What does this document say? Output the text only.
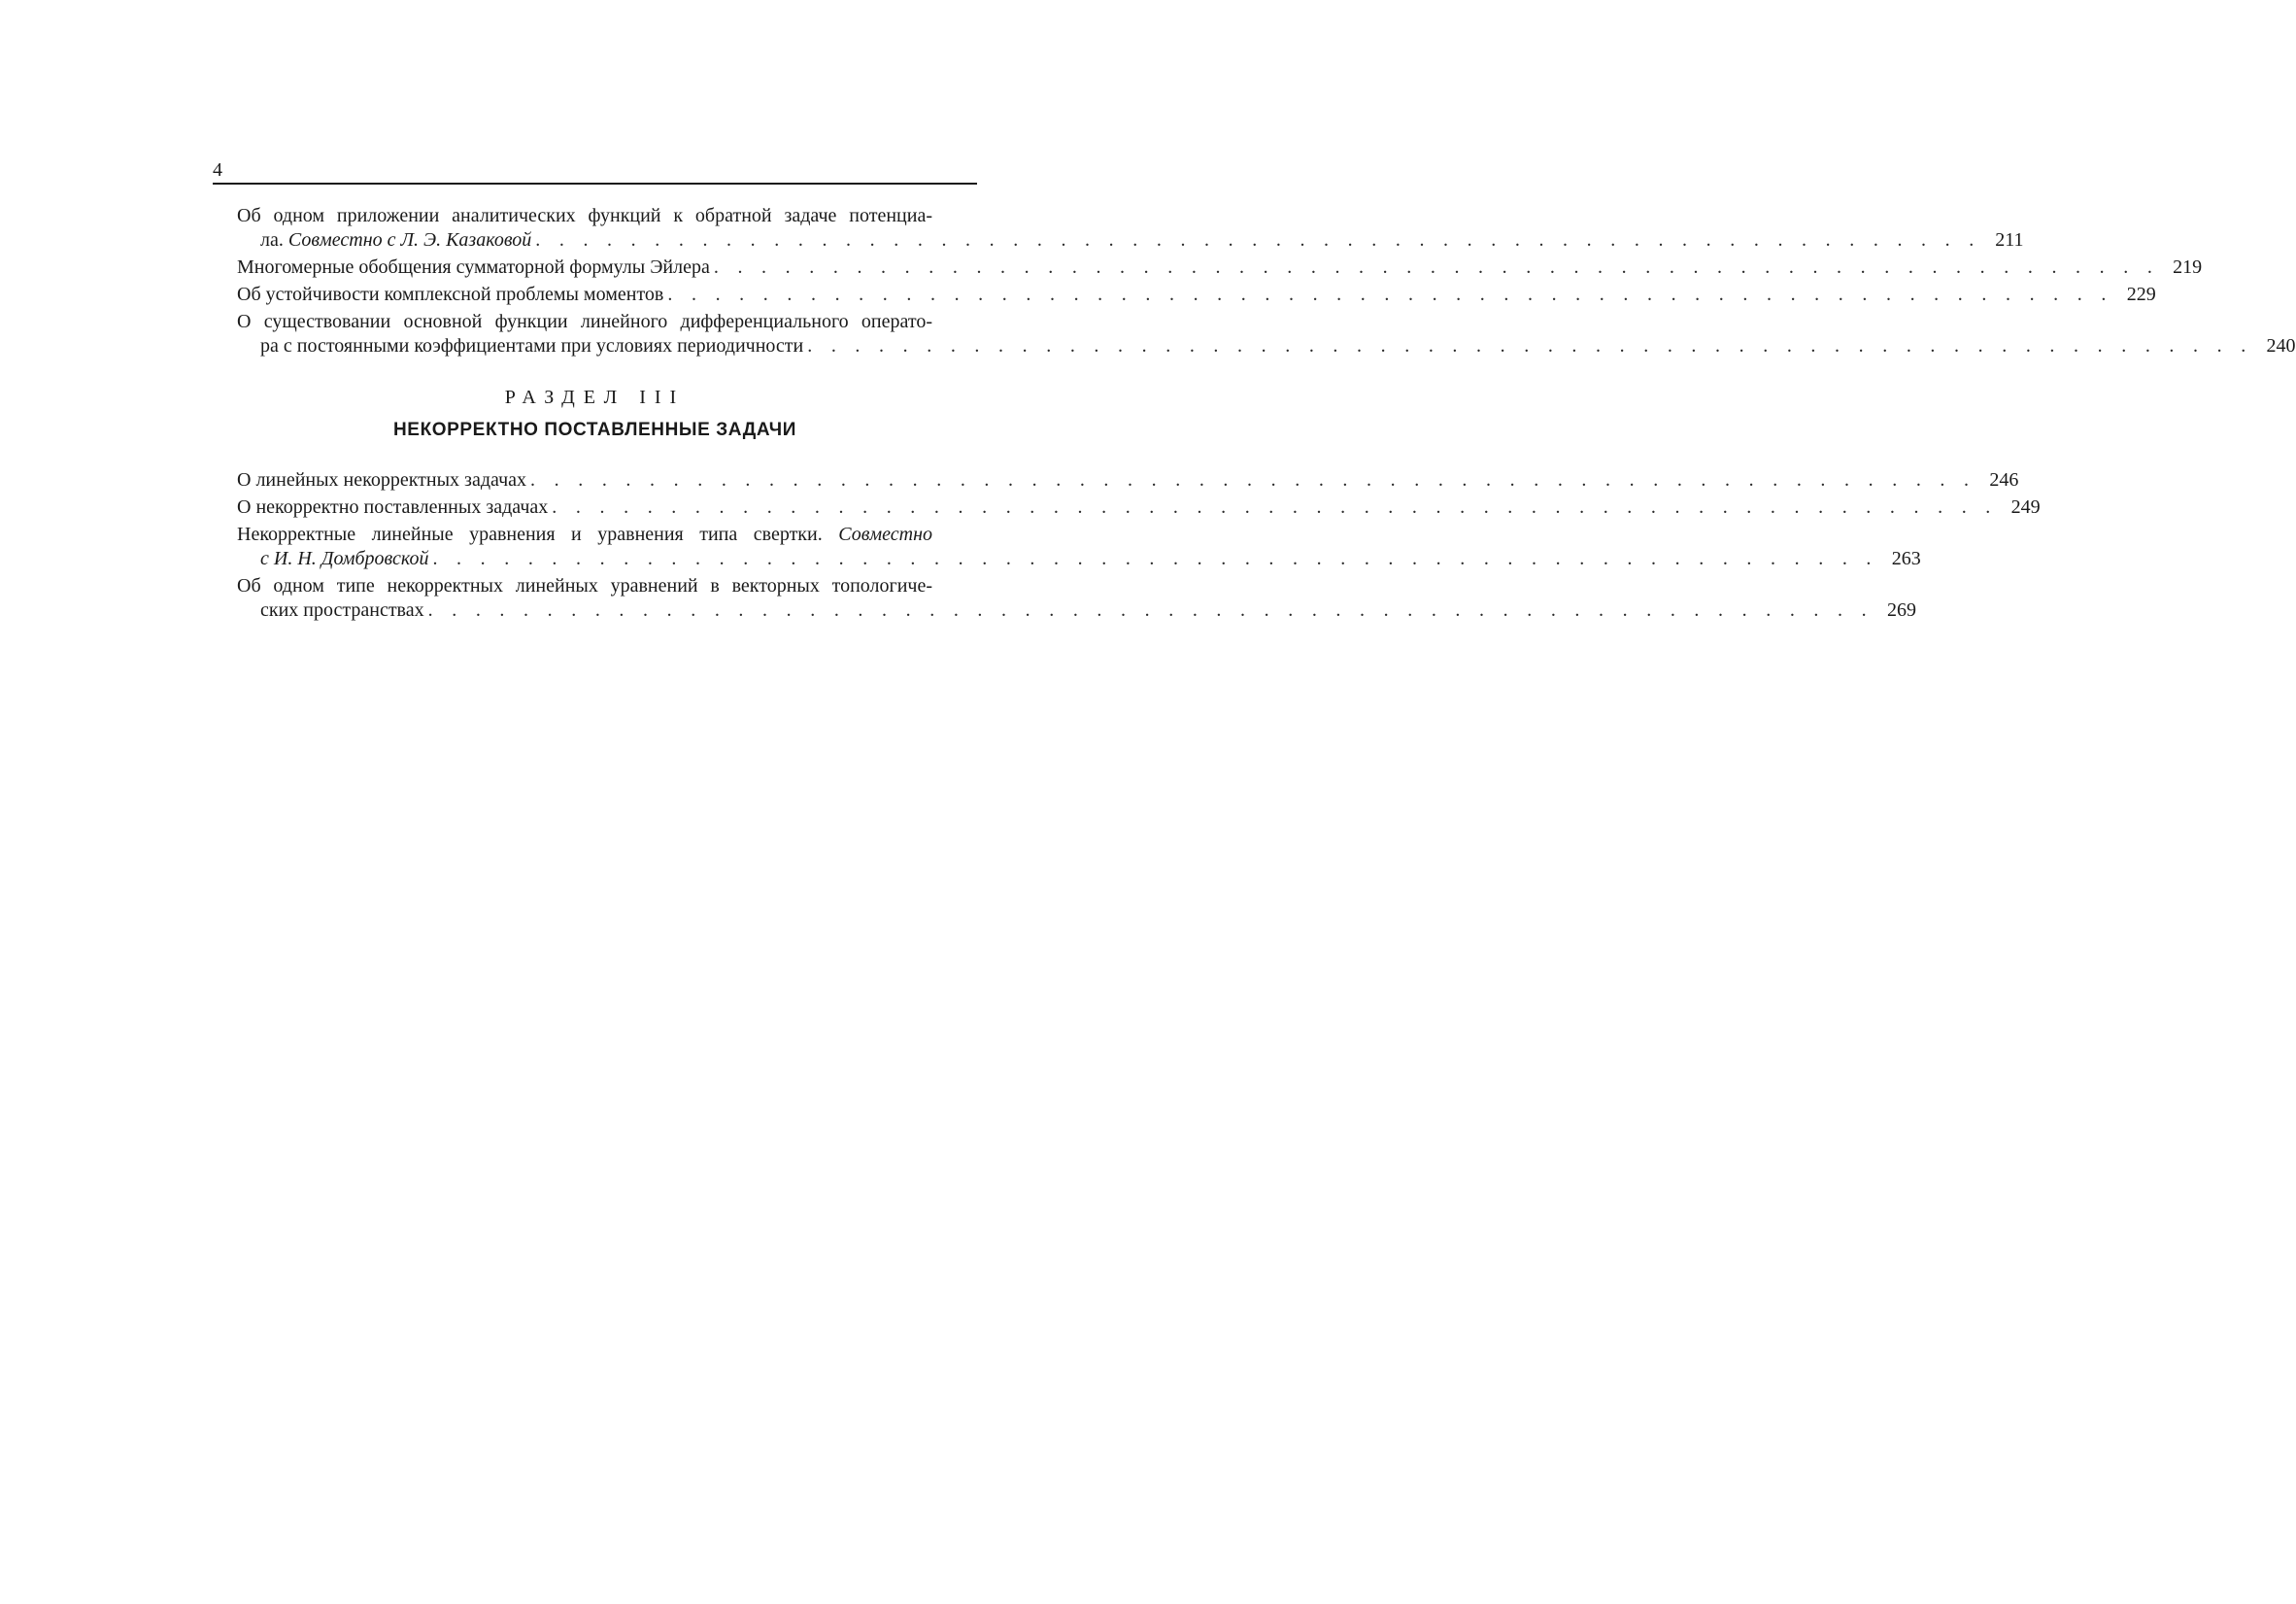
4
Об одном приложении аналитических функций к обратной задаче потенциа-
ла. Совместно с Л. Э. Казаковой . . . . . . . . . . . . . . . . . . . . . . . . . . . . . . . . . . . . . . . . . . . . . . . . . . . . . . . . . . . . . 211
Многомерные обобщения сумматорной формулы Эйлера . . . . . . . . . . . . . . . . . . . . . . . . . . . . . . . . . . . . . . . . . . . . . . . . . . . . . . . . . . . . . 219
Об устойчивости комплексной проблемы моментов . . . . . . . . . . . . . . . . . . . . . . . . . . . . . . . . . . . . . . . . . . . . . . . . . . . . . . . . . . . . . 229
О существовании основной функции линейного дифференциального операто-
ра с постоянными коэффициентами при условиях периодичности . . . . . . . . . . . . . . . . . . . . . . . . . . . . . . . . . . . . . . . . . . . . . . . . . . . . . . . . . . . . . 240
РАЗДЕЛ III
НЕКОРРЕКТНО ПОСТАВЛЕННЫЕ ЗАДАЧИ
О линейных некорректных задачах . . . . . . . . . . . . . . . . . . . . . . . . . . . . . . . . . . . . . . . . . . . . . . . . . . . . . . . . . . . . . 246
О некорректно поставленных задачах . . . . . . . . . . . . . . . . . . . . . . . . . . . . . . . . . . . . . . . . . . . . . . . . . . . . . . . . . . . . . 249
Некорректные линейные уравнения и уравнения типа свертки. Совместно
с И. Н. Домбровской . . . . . . . . . . . . . . . . . . . . . . . . . . . . . . . . . . . . . . . . . . . . . . . . . . . . . . . . . . . . . 263
Об одном типе некорректных линейных уравнений в векторных топологиче-
ских пространствах . . . . . . . . . . . . . . . . . . . . . . . . . . . . . . . . . . . . . . . . . . . . . . . . . . . . . . . . . . . . . 269
